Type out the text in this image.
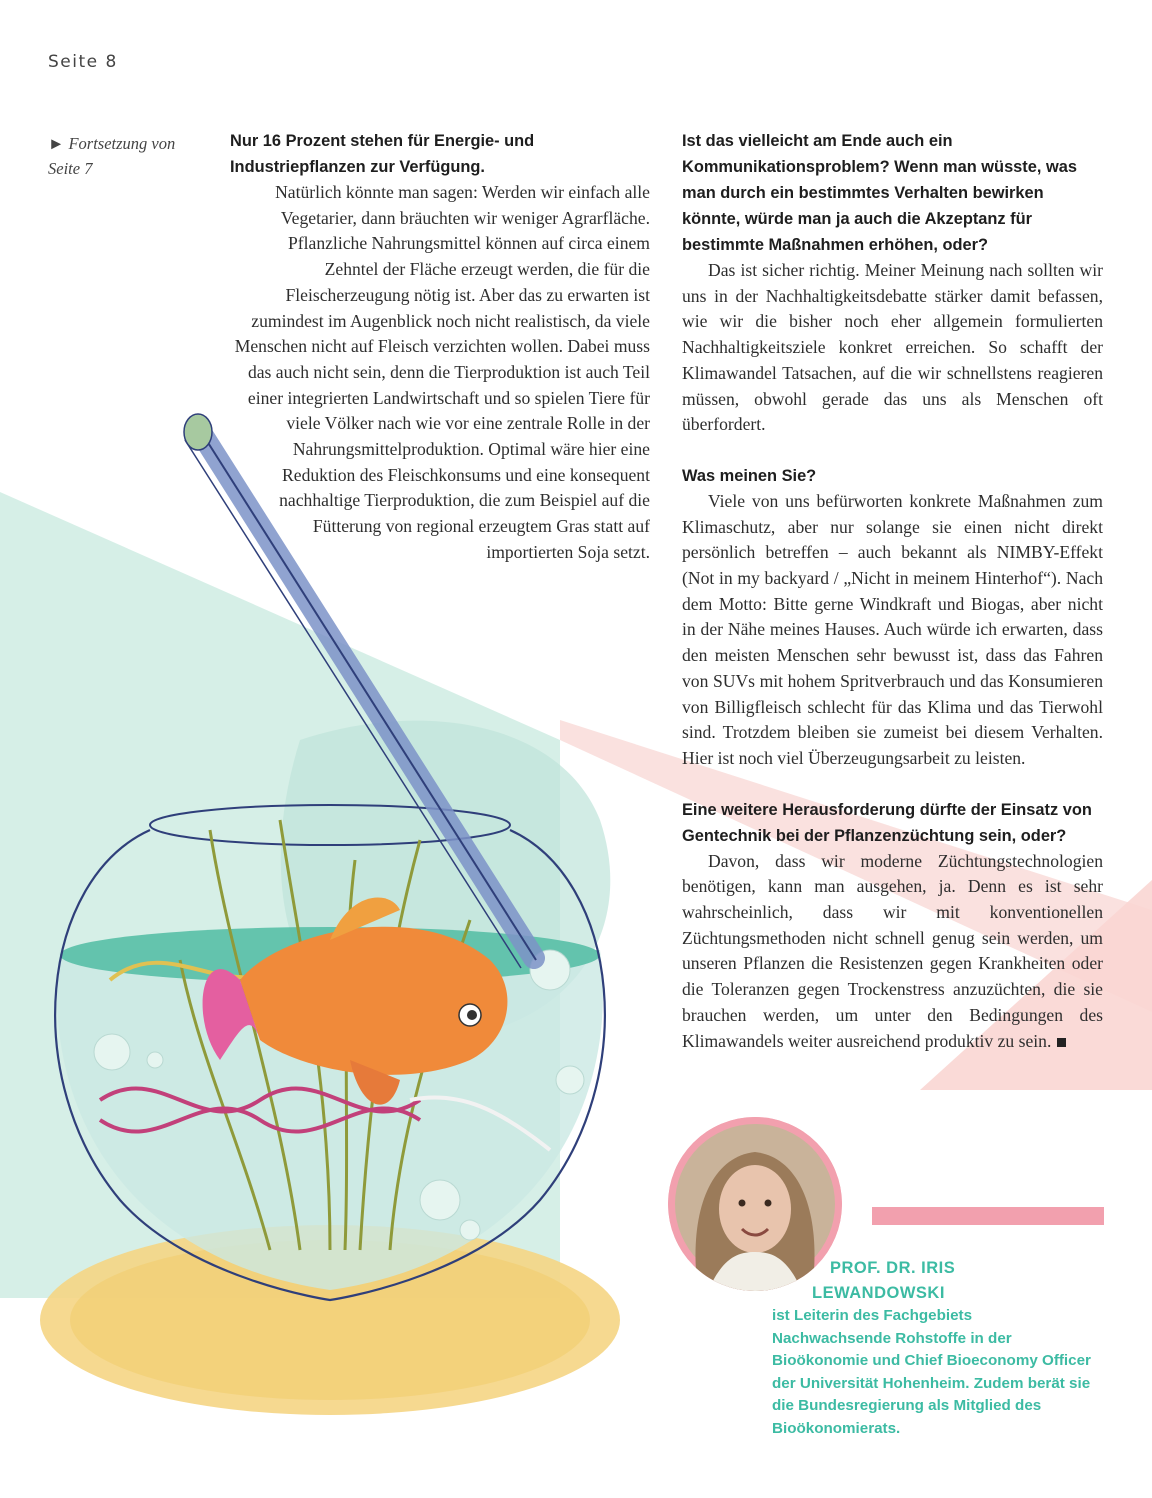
Seite 8
► Fortsetzung von Seite 7

Nur 16 Prozent stehen für Energie- und Industriepflanzen zur Verfügung.

Natürlich könnte man sagen: Werden wir einfach alle Vegetarier, dann bräuchten wir weniger Agrarfläche. Pflanzliche Nahrungsmittel können auf circa einem Zehntel der Fläche erzeugt werden, die für die Fleischerzeugung nötig ist. Aber das zu erwarten ist zumindest im Augenblick noch nicht realistisch, da viele Menschen nicht auf Fleisch verzichten wollen. Dabei muss das auch nicht sein, denn die Tierproduktion ist auch Teil einer integrierten Landwirtschaft und so spielen Tiere für viele Völker nach wie vor eine zentrale Rolle in der Nahrungsmittelproduktion. Optimal wäre hier eine Reduktion des Fleischkonsums und eine konsequent nachhaltige Tierproduktion, die zum Beispiel auf die Fütterung von regional erzeugtem Gras statt auf importierten Soja setzt.

Ist das vielleicht am Ende auch ein Kommunikationsproblem? Wenn man wüsste, was man durch ein bestimmtes Verhalten bewirken könnte, würde man ja auch die Akzeptanz für bestimmte Maßnahmen erhöhen, oder?

Das ist sicher richtig. Meiner Meinung nach sollten wir uns in der Nachhaltigkeitsdebatte stärker damit befassen, wie wir die bisher noch eher allgemein formulierten Nachhaltigkeitsziele konkret erreichen. So schafft der Klimawandel Tatsachen, auf die wir schnellstens reagieren müssen, obwohl gerade das uns als Menschen oft überfordert.

Was meinen Sie?

Viele von uns befürworten konkrete Maßnahmen zum Klimaschutz, aber nur solange sie einen nicht direkt persönlich betreffen – auch bekannt als NIMBY-Effekt (Not in my backyard / „Nicht in meinem Hinterhof“). Nach dem Motto: Bitte gerne Windkraft und Biogas, aber nicht in der Nähe meines Hauses. Auch würde ich erwarten, dass den meisten Menschen sehr bewusst ist, dass das Fahren von SUVs mit hohem Spritverbrauch und das Konsumieren von Billigfleisch schlecht für das Klima und das Tierwohl sind. Trotzdem bleiben sie zumeist bei diesem Verhalten. Hier ist noch viel Überzeugungsarbeit zu leisten.

Eine weitere Herausforderung dürfte der Einsatz von Gentechnik bei der Pflanzenzüchtung sein, oder?

Davon, dass wir moderne Züchtungstechnologien benötigen, kann man ausgehen, ja. Denn es ist sehr wahrscheinlich, dass wir mit konventionellen Züchtungsmethoden nicht schnell genug sein werden, um unseren Pflanzen die Resistenzen gegen Krankheiten oder die Toleranzen gegen Trockenstress anzuzüchten, die sie brauchen werden, um unter den Bedingungen des Klimawandels weiter ausreichend produktiv zu sein.

PROF. DR. IRIS
LEWANDOWSKI
ist Leiterin des Fachgebiets Nachwachsende Rohstoffe in der Bioökonomie und Chief Bioeconomy Officer der Universität Hohenheim. Zudem berät sie die Bundesregierung als Mitglied des Bioökonomierats.
